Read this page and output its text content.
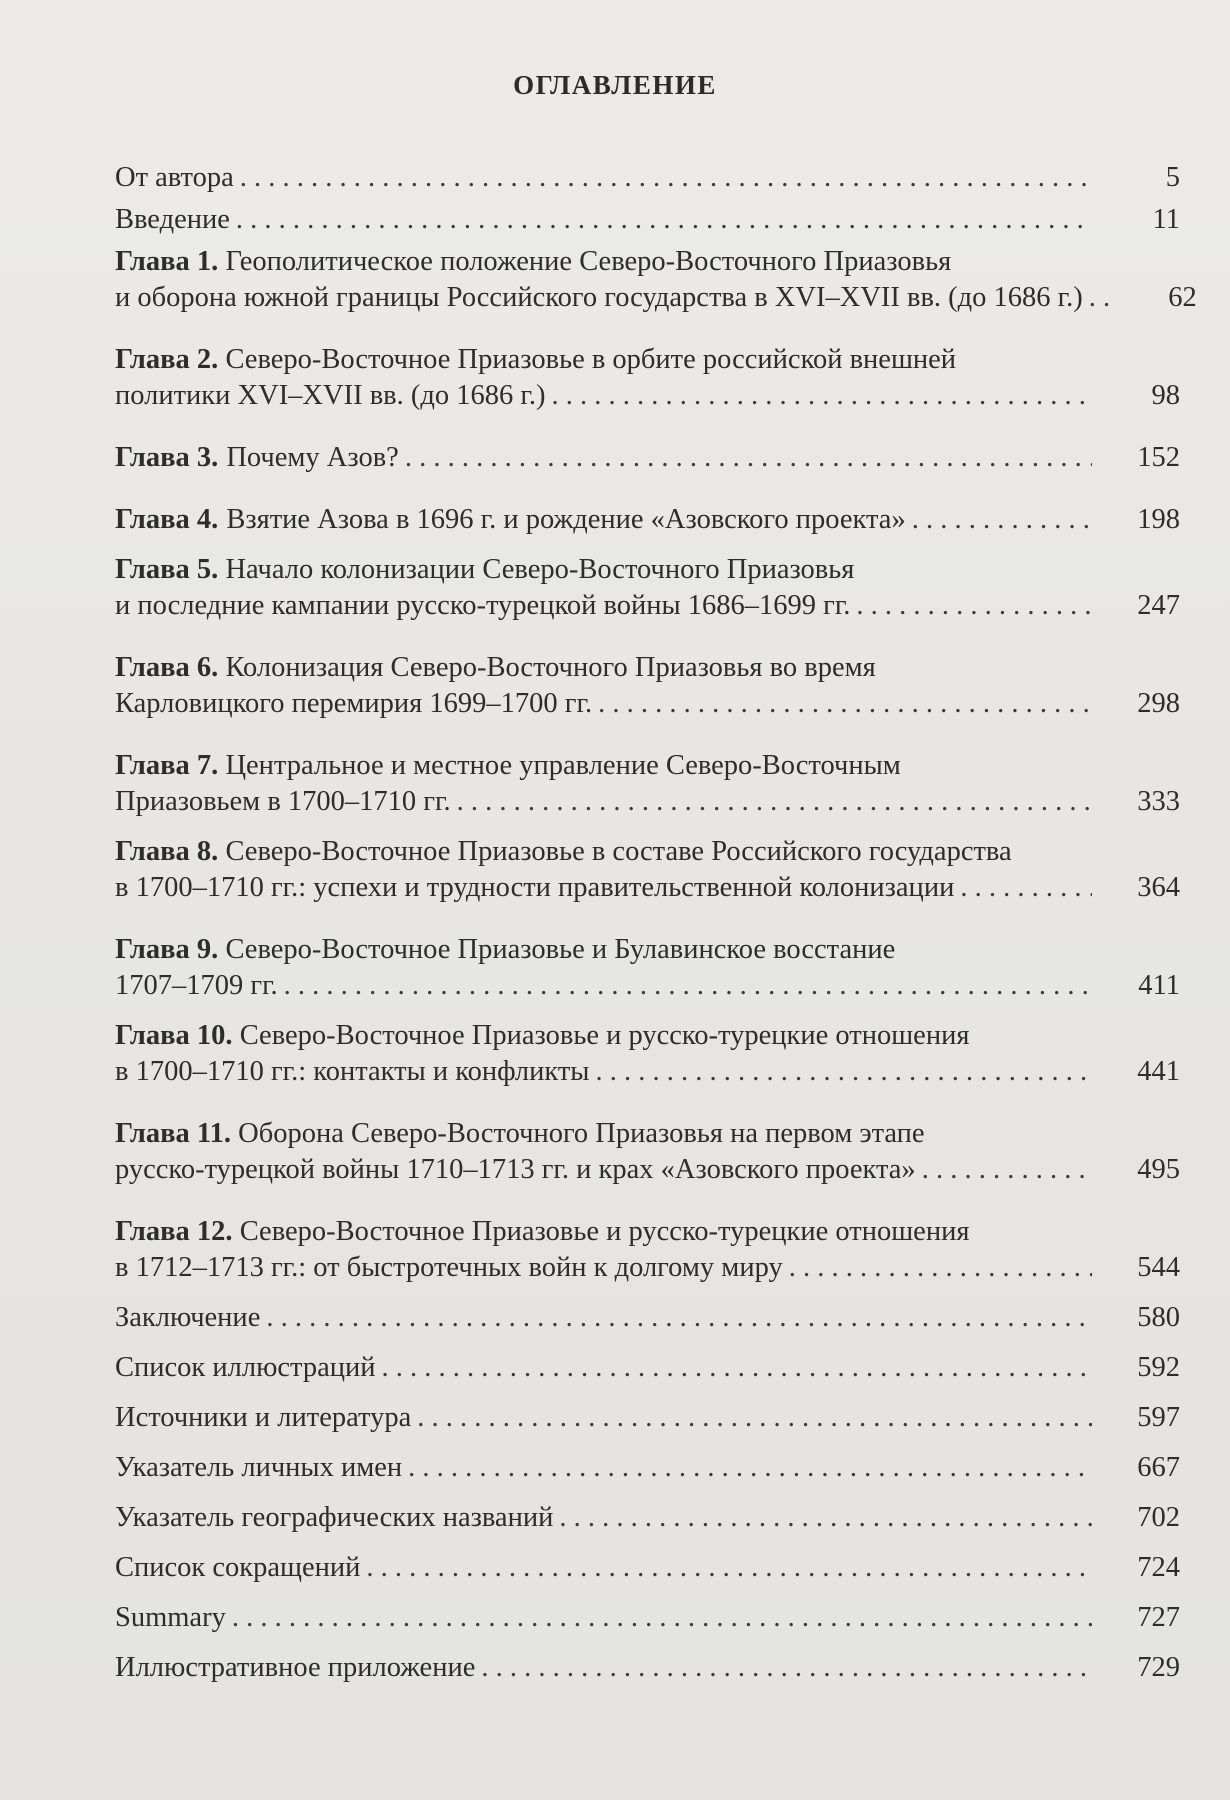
ОГЛАВЛЕНИЕ
От автора . . .	5
Введение . . .	11
Глава 1. Геополитическое положение Северо-Восточного Приазовья
и оборона южной границы Российского государства в XVI–XVII вв. (до 1686 г.) . . .	62
Глава 2. Северо-Восточное Приазовье в орбите российской внешней
политики XVI–XVII вв. (до 1686 г.) . . .	98
Глава 3. Почему Азов? . . .	152
Глава 4. Взятие Азова в 1696 г. и рождение «Азовского проекта» . . .	198
Глава 5. Начало колонизации Северо-Восточного Приазовья
и последние кампании русско-турецкой войны 1686–1699 гг. . . .	247
Глава 6. Колонизация Северо-Восточного Приазовья во время
Карловицкого перемирия 1699–1700 гг. . . .	298
Глава 7. Центральное и местное управление Северо-Восточным
Приазовьем в 1700–1710 гг. . . .	333
Глава 8. Северо-Восточное Приазовье в составе Российского государства
в 1700–1710 гг.: успехи и трудности правительственной колонизации . . .	364
Глава 9. Северо-Восточное Приазовье и Булавинское восстание
1707–1709 гг. . . .	411
Глава 10. Северо-Восточное Приазовье и русско-турецкие отношения
в 1700–1710 гг.: контакты и конфликты . . .	441
Глава 11. Оборона Северо-Восточного Приазовья на первом этапе
русско-турецкой войны 1710–1713 гг. и крах «Азовского проекта» . . .	495
Глава 12. Северо-Восточное Приазовье и русско-турецкие отношения
в 1712–1713 гг.: от быстротечных войн к долгому миру . . .	544
Заключение . . .	580
Список иллюстраций . . .	592
Источники и литература . . .	597
Указатель личных имен . . .	667
Указатель географических названий . . .	702
Список сокращений . . .	724
Summary . . .	727
Иллюстративное приложение . . .	729
